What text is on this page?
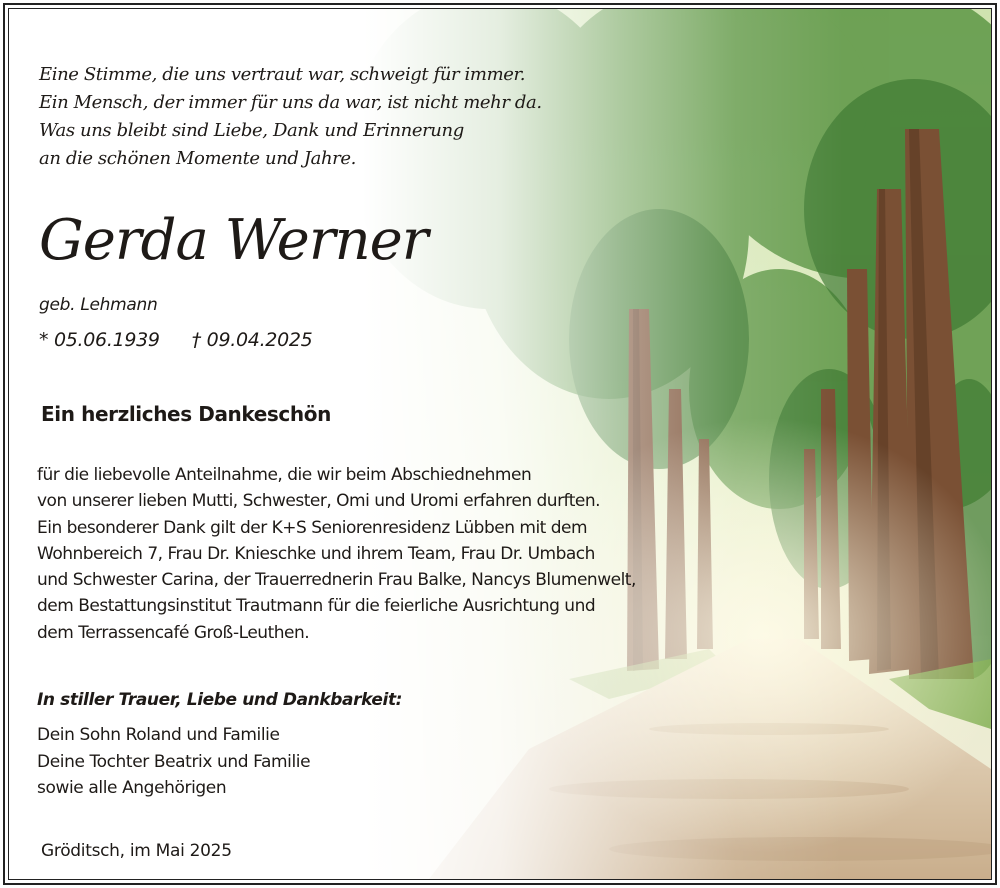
Eine Stimme, die uns vertraut war, schweigt für immer.
Ein Mensch, der immer für uns da war, ist nicht mehr da.
Was uns bleibt sind Liebe, Dank und Erinnerung
an die schönen Momente und Jahre.
Gerda Werner
geb. Lehmann
* 05.06.1939 † 09.04.2025
Ein herzliches Dankeschön
für die liebevolle Anteilnahme, die wir beim Abschiednehmen
von unserer lieben Mutti, Schwester, Omi und Uromi erfahren durften.
Ein besonderer Dank gilt der K+S Seniorenresidenz Lübben mit dem
Wohnbereich 7, Frau Dr. Knieschke und ihrem Team, Frau Dr. Umbach
und Schwester Carina, der Trauerrednerin Frau Balke, Nancys Blumenwelt,
dem Bestattungsinstitut Trautmann für die feierliche Ausrichtung und
dem Terrassencafé Groß-Leuthen.
In stiller Trauer, Liebe und Dankbarkeit:
Dein Sohn Roland und Familie
Deine Tochter Beatrix und Familie
sowie alle Angehörigen
Gröditsch, im Mai 2025
